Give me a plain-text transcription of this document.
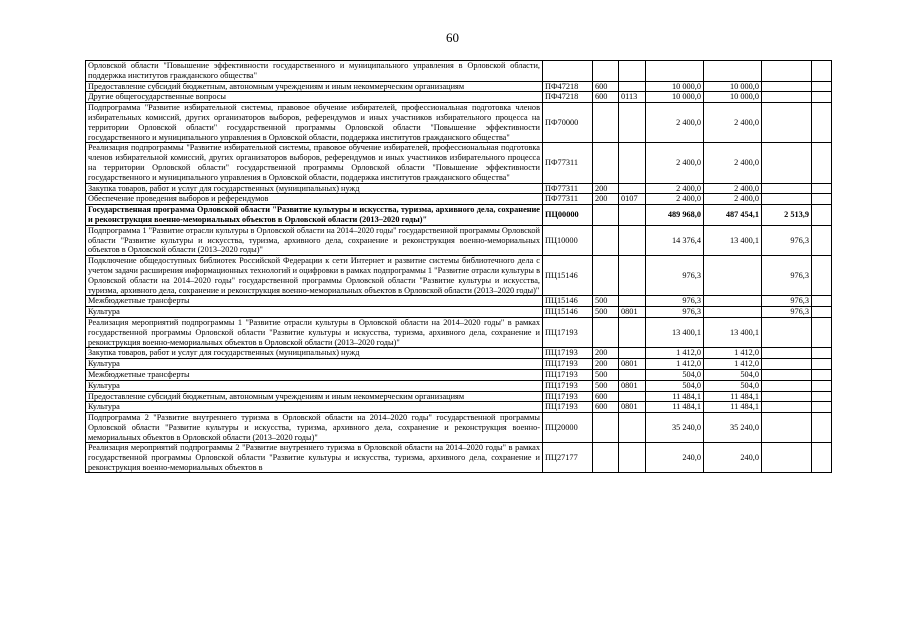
60
Орловской области "Повышение эффективности государственного и муниципального управления в Орловской области, поддержка институтов гражданского общества"							
Предоставление субсидий бюджетным, автономным учреждениям и иным некоммерческим организациям	ПФ47218	600		10 000,0	10 000,0		
Другие общегосударственные вопросы	ПФ47218	600	0113	10 000,0	10 000,0		
Подпрограмма "Развитие избирательной системы, правовое обучение избирателей, профессиональная подготовка членов избирательных комиссий, других организаторов выборов, референдумов и иных участников избирательного процесса на территории Орловской области" государственной программы Орловской области "Повышение эффективности государственного и муниципального управления в Орловской области, поддержка институтов гражданского общества"	ПФ70000			2 400,0	2 400,0		
Реализация подпрограммы "Развитие избирательной системы, правовое обучение избирателей, профессиональная подготовка членов избирательной комиссий, других организаторов выборов, референдумов и иных участников избирательного процесса на территории Орловской области" государственной программы Орловской области "Повышение эффективности государственного и муниципального управления в Орловской области, поддержка институтов гражданского общества"	ПФ77311			2 400,0	2 400,0		
Закупка товаров, работ и услуг для государственных (муниципальных) нужд	ПФ77311	200		2 400,0	2 400,0		
Обеспечение проведения выборов и референдумов	ПФ77311	200	0107	2 400,0	2 400,0		
Государственная программа Орловской области "Развитие культуры и искусства, туризма, архивного дела, сохранение и реконструкция военно-мемориальных объектов в Орловской области (2013–2020 годы)"	ПЦ00000			489 968,0	487 454,1	2 513,9	
Подпрограмма 1 "Развитие отрасли культуры в Орловской области на 2014–2020 годы" государственной программы Орловской области "Развитие культуры и искусства, туризма, архивного дела, сохранение и реконструкция военно-мемориальных объектов в Орловской области (2013–2020 годы)"	ПЦ10000			14 376,4	13 400,1	976,3	
Подключение общедоступных библиотек Российской Федерации к сети Интернет и развитие системы библиотечного дела с учетом задачи расширения информационных технологий и оцифровки в рамках подпрограммы 1 "Развитие отрасли культуры в Орловской области на 2014–2020 годы" государственной программы Орловской области "Развитие культуры и искусства, туризма, архивного дела, сохранение и реконструкция военно-мемориальных объектов в Орловской области (2013–2020 годы)"	ПЦ15146			976,3		976,3	
Межбюджетные трансферты	ПЦ15146	500		976,3		976,3	
Культура	ПЦ15146	500	0801	976,3		976,3	
Реализация мероприятий подпрограммы 1 "Развитие отрасли культуры в Орловской области на 2014–2020 годы" в рамках государственной программы Орловской области "Развитие культуры и искусства, туризма, архивного дела, сохранение и реконструкция военно-мемориальных объектов в Орловской области (2013–2020 годы)"	ПЦ17193			13 400,1	13 400,1		
Закупка товаров, работ и услуг для государственных (муниципальных) нужд	ПЦ17193	200		1 412,0	1 412,0		
Культура	ПЦ17193	200	0801	1 412,0	1 412,0		
Межбюджетные трансферты	ПЦ17193	500		504,0	504,0		
Культура	ПЦ17193	500	0801	504,0	504,0		
Предоставление субсидий бюджетным, автономным учреждениям и иным некоммерческим организациям	ПЦ17193	600		11 484,1	11 484,1		
Культура	ПЦ17193	600	0801	11 484,1	11 484,1		
Подпрограмма 2 "Развитие внутреннего туризма в Орловской области на 2014–2020 годы" государственной программы Орловской области "Развитие культуры и искусства, туризма, архивного дела, сохранение и реконструкция военно-мемориальных объектов в Орловской области (2013–2020 годы)"	ПЦ20000			35 240,0	35 240,0		

Реализация мероприятий подпрограммы 2 "Развитие внутреннего туризма в Орловской области на 2014–2020 годы" в рамках государственной программы Орловской области "Развитие культуры и искусства, туризма, архивного дела, сохранение и реконструкция военно-мемориальных объектов в	ПЦ27177			240,0	240,0		
